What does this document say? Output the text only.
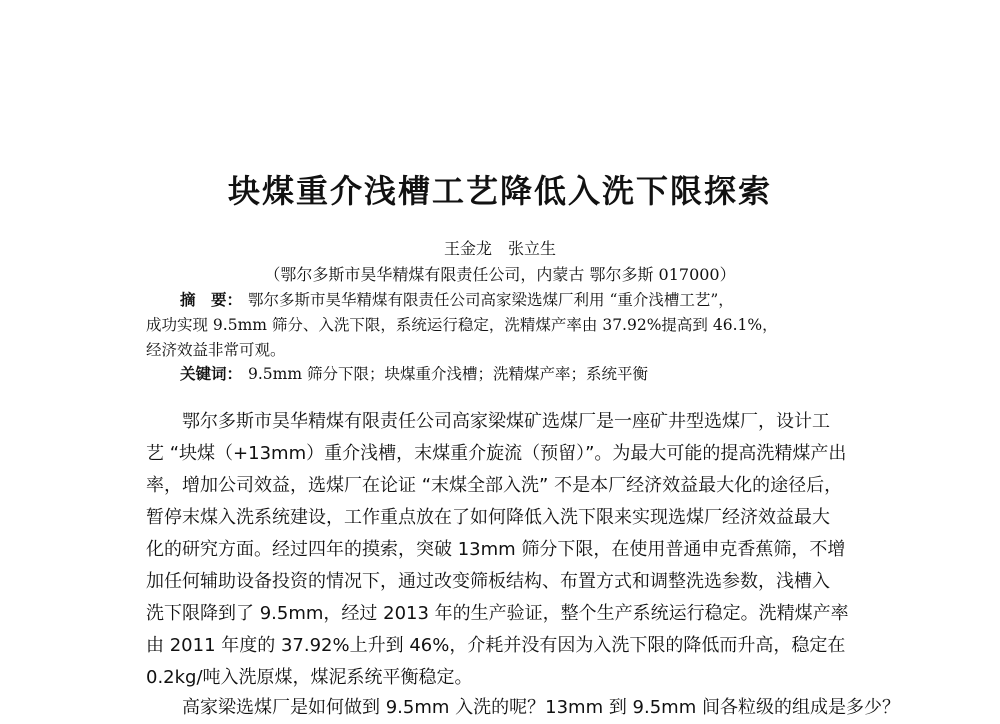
块煤重介浅槽工艺降低入洗下限探索
王金龙　张立生
（鄂尔多斯市昊华精煤有限责任公司，内蒙古 鄂尔多斯 017000）
摘　要： 鄂尔多斯市昊华精煤有限责任公司高家梁选煤厂利用 “重介浅槽工艺”，
成功实现 9.5mm 筛分、入洗下限，系统运行稳定，洗精煤产率由 37.92%提高到 46.1%，
经济效益非常可观。
关键词： 9.5mm 筛分下限；块煤重介浅槽；洗精煤产率；系统平衡
鄂尔多斯市昊华精煤有限责任公司高家梁煤矿选煤厂是一座矿井型选煤厂，设计工
艺 “块煤（+13mm）重介浅槽，末煤重介旋流（预留）”。为最大可能的提高洗精煤产出
率，增加公司效益，选煤厂在论证 “末煤全部入洗” 不是本厂经济效益最大化的途径后，
暂停末煤入洗系统建设，工作重点放在了如何降低入洗下限来实现选煤厂经济效益最大
化的研究方面。经过四年的摸索，突破 13mm 筛分下限，在使用普通申克香蕉筛，不增
加任何辅助设备投资的情况下，通过改变筛板结构、布置方式和调整洗选参数，浅槽入
洗下限降到了 9.5mm，经过 2013 年的生产验证，整个生产系统运行稳定。洗精煤产率
由 2011 年度的 37.92%上升到 46%，介耗并没有因为入洗下限的降低而升高，稳定在
0.2kg/吨入洗原煤，煤泥系统平衡稳定。
高家梁选煤厂是如何做到 9.5mm 入洗的呢？13mm 到 9.5mm 间各粒级的组成是多少？
